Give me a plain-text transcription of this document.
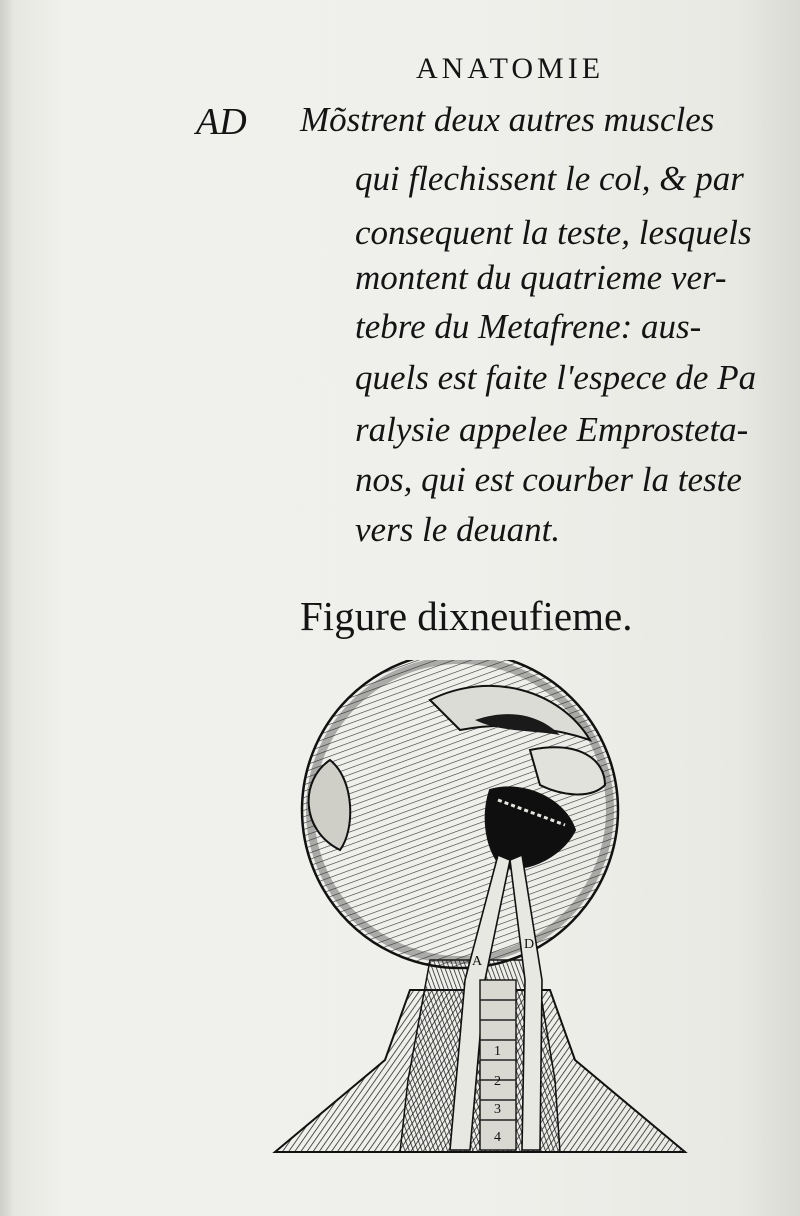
ANATOMIE
AD Mõstrent deux autres muscles
qui flechissent le col, & par
consequent la teste, lesquels
montent du quatrieme ver-
tebre du Metafrene: aus-
quels est faite l'espece de Pa
ralysie appelee Emprosteta-
nos, qui est courber la teste
vers le deuant.
Figure dixneufieme.
A
D
1
2
3
4
